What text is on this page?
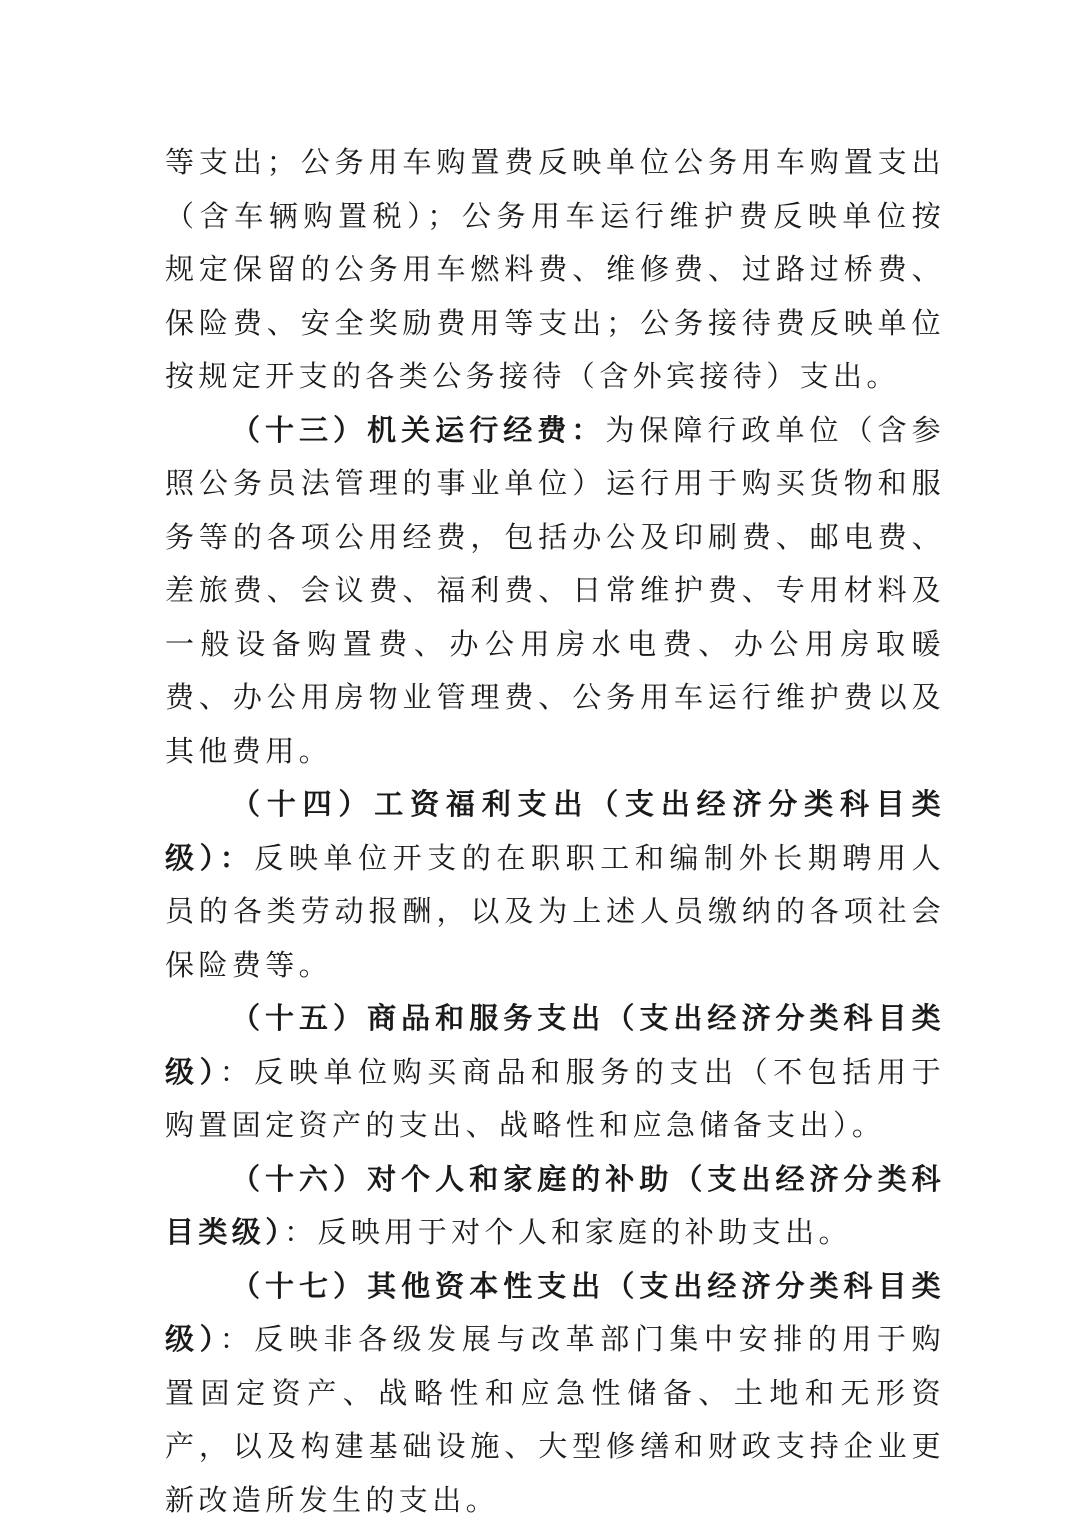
等支出；公务用车购置费反映单位公务用车购置支出（含车辆购置税）；公务用车运行维护费反映单位按规定保留的公务用车燃料费、维修费、过路过桥费、保险费、安全奖励费用等支出；公务接待费反映单位按规定开支的各类公务接待（含外宾接待）支出。

（十三）机关运行经费：为保障行政单位（含参照公务员法管理的事业单位）运行用于购买货物和服务等的各项公用经费，包括办公及印刷费、邮电费、差旅费、会议费、福利费、日常维护费、专用材料及一般设备购置费、办公用房水电费、办公用房取暖费、办公用房物业管理费、公务用车运行维护费以及其他费用。

（十四）工资福利支出（支出经济分类科目类级）：反映单位开支的在职职工和编制外长期聘用人员的各类劳动报酬，以及为上述人员缴纳的各项社会保险费等。

（十五）商品和服务支出（支出经济分类科目类级）：反映单位购买商品和服务的支出（不包括用于购置固定资产的支出、战略性和应急储备支出）。

（十六）对个人和家庭的补助（支出经济分类科目类级）：反映用于对个人和家庭的补助支出。

（十七）其他资本性支出（支出经济分类科目类级）：反映非各级发展与改革部门集中安排的用于购置固定资产、战略性和应急性储备、土地和无形资产，以及构建基础设施、大型修缮和财政支持企业更新改造所发生的支出。
